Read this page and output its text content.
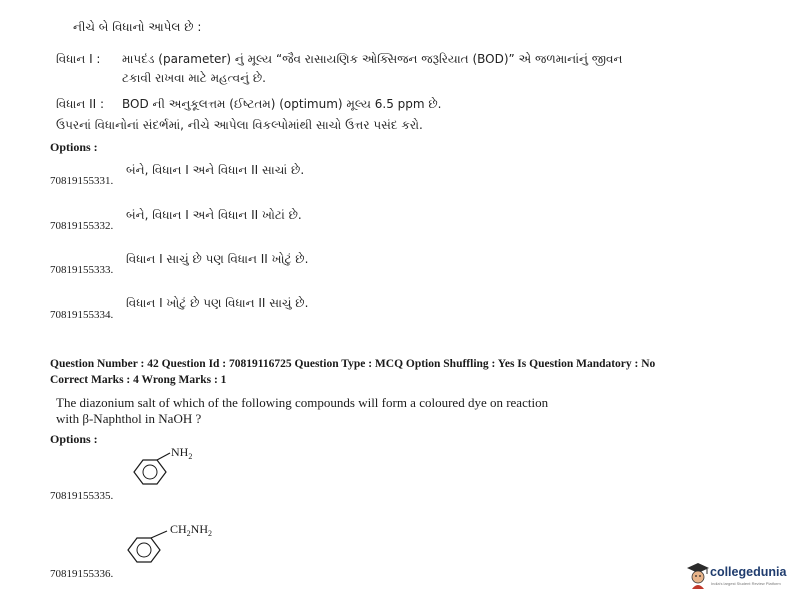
નીચે બે વિધાનો આપેલ છે :
વિધાન I : માપદંડ (parameter) નું મૂલ્ય “જૈવ રાસાયણિક ઓક્સિજન જરૂરિયાત (BOD)” એ જળમાનાંનું જીવન
ટકાવી રાખવા માટે મહત્વનું છે.
વિધાન II : BOD ની અનુકૂલત્તમ (ઈષ્ટતમ) (optimum) મૂલ્ય 6.5 ppm છે.
ઉપરનાં વિધાનોનાં સંદર્ભમાં, નીચે આપેલા વિકલ્પોમાંથી સાચો ઉત્તર પસંદ કરો.
Options :
બંને, વિધાન I અને વિધાન II સાચાં છે.
70819155331.
બંને, વિધાન I અને વિધાન II ખોટાં છે.
70819155332.
વિધાન I સાચું છે પણ વિધાન II ખોટું છે.
70819155333.
વિધાન I ખોટું છે પણ વિધાન II સાચું છે.
70819155334.
Question Number : 42 Question Id : 70819116725 Question Type : MCQ Option Shuffling : Yes Is Question Mandatory : No
Correct Marks : 4 Wrong Marks : 1
The diazonium salt of which of the following compounds will form a coloured dye on reaction
with β-Naphthol in NaOH ?
Options :
$NH_2$
70819155335.
$CH_2NH_2$
70819155336.	collegedunia
India's largest Student Review Platform
